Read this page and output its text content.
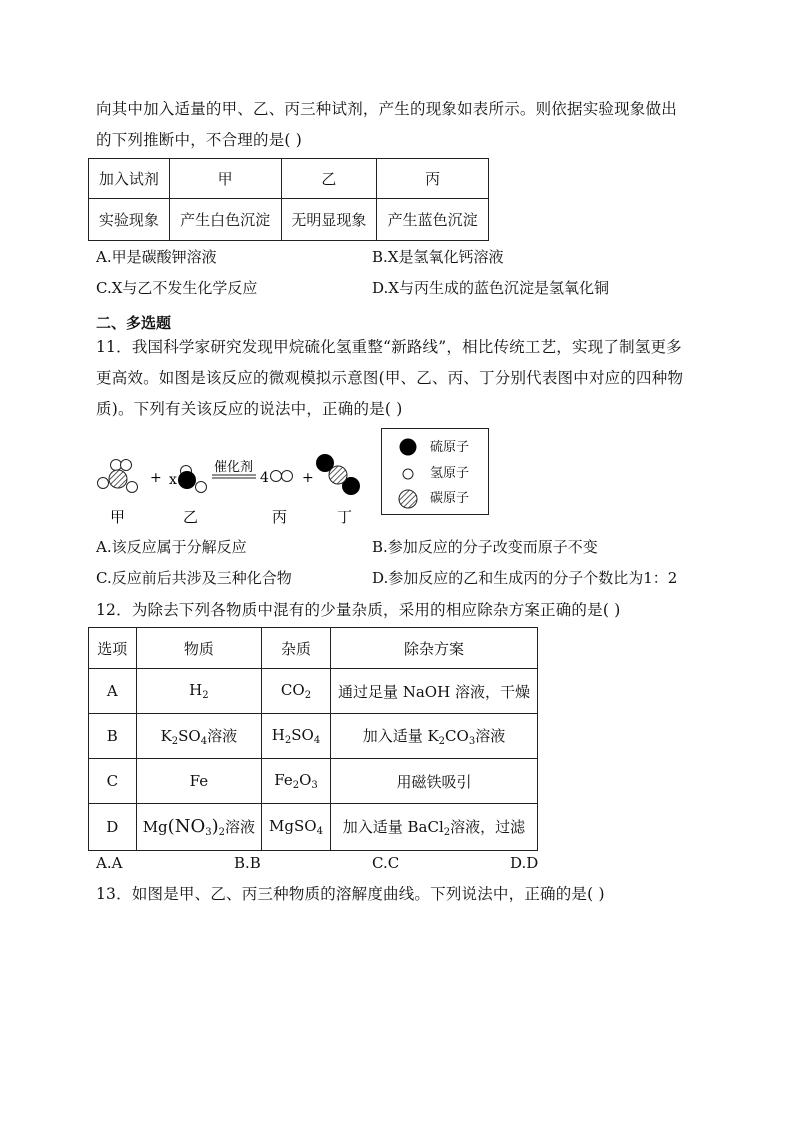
向其中加入适量的甲、乙、丙三种试剂，产生的现象如表所示。则依据实验现象做出
的下列推断中，不合理的是( )
加入试剂	甲	乙	丙
实验现象	产生白色沉淀	无明显现象	产生蓝色沉淀
A.甲是碳酸钾溶液	B.X是氢氧化钙溶液
C.X与乙不发生化学反应	D.X与丙生成的蓝色沉淀是氢氧化铜
二、多选题
11．我国科学家研究发现甲烷硫化氢重整“新路线”，相比传统工艺，实现了制氢更多
更高效。如图是该反应的微观模拟示意图(甲、乙、丙、丁分别代表图中对应的四种物
质)。下列有关该反应的说法中，正确的是( )
+ x
催化剂
4 +
甲	乙	丙	丁
硫原子
氢原子
碳原子
A.该反应属于分解反应	B.参加反应的分子改变而原子不变
C.反应前后共涉及三种化合物	D.参加反应的乙和生成丙的分子个数比为1：2
12．为除去下列各物质中混有的少量杂质，采用的相应除杂方案正确的是( )
选项	物质	杂质	除杂方案
A	$H_2$	$CO_2$	通过足量 NaOH 溶液，干燥
B	$K_2SO_4$溶液	$H_2SO_4$	加入适量 $K_2CO_3$溶液
C	Fe	$Fe_2O_3$	用磁铁吸引
D	$Mg(NO_3)_2$溶液	MgSO$_4$	加入适量 BaCl$_2$溶液，过滤
A.A	B.B	C.C	D.D
13．如图是甲、乙、丙三种物质的溶解度曲线。下列说法中，正确的是( )
